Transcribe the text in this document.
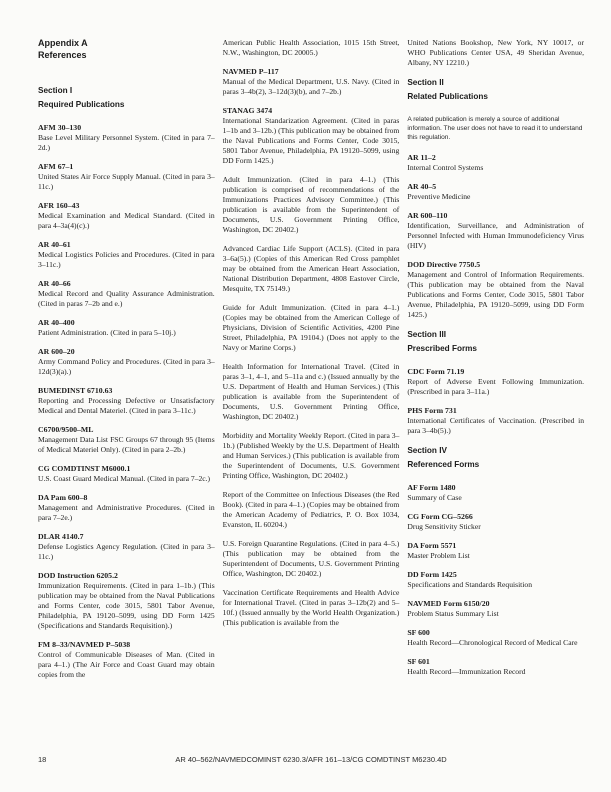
Appendix A
References
Section I
Required Publications
AFM 30–130
Base Level Military Personnel System. (Cited in para 7–2d.)
AFM 67–1
United States Air Force Supply Manual. (Cited in para 3–11c.)
AFR 160–43
Medical Examination and Medical Standard. (Cited in para 4–3a(4)(c).)
AR 40–61
Medical Logistics Policies and Procedures. (Cited in para 3–11c.)
AR 40–66
Medical Record and Quality Assurance Administration. (Cited in paras 7–2b and e.)
AR 40–400
Patient Administration. (Cited in para 5–10j.)
AR 600–20
Army Command Policy and Procedures. (Cited in para 3–12d(3)(a).)
BUMEDINST 6710.63
Reporting and Processing Defective or Unsatisfactory Medical and Dental Materiel. (Cited in para 3–11c.)
C6700/9500–ML
Management Data List FSC Groups 67 through 95 (Items of Medical Materiel Only). (Cited in para 2–2b.)
CG COMDTINST M6000.1
U.S. Coast Guard Medical Manual. (Cited in para 7–2c.)
DA Pam 600–8
Management and Administrative Procedures. (Cited in para 7–2e.)
DLAR 4140.7
Defense Logistics Agency Regulation. (Cited in para 3–11c.)
DOD Instruction 6205.2
Immunization Requirements. (Cited in para 1–1b.) (This publication may be obtained from the Naval Publications and Forms Center, code 3015, 5801 Tabor Avenue, Philadelphia, PA 19120–5099, using DD Form 1425 (Specifications and Standards Requisition).)
FM 8–33/NAVMED P–5038
Control of Communicable Diseases of Man. (Cited in para 4–1.) (The Air Force and Coast Guard may obtain copies from the
American Public Health Association, 1015 15th Street, N.W., Washington, DC 20005.)
NAVMED P–117
Manual of the Medical Department, U.S. Navy. (Cited in paras 3–4b(2), 3–12d(3)(b), and 7–2b.)
STANAG 3474
International Standarization Agreement. (Cited in paras 1–1b and 3–12b.) (This publication may be obtained from the Naval Publications and Forms Center, Code 3015, 5801 Tabor Avenue, Philadelphia, PA 19120–5099, using DD Form 1425.)
Adult Immunization. (Cited in para 4–1.) (This publication is comprised of recommendations of the Immunizations Practices Advisory Committee.) (This publication is available from the Superintendent of Documents, U.S. Government Printing Office, Washington, DC 20402.)
Advanced Cardiac Life Support (ACLS). (Cited in para 3–6a(5).) (Copies of this American Red Cross pamphlet may be obtained from the American Heart Association, National Distribution Department, 4808 Eastover Circle, Mesquite, TX 75149.)
Guide for Adult Immunization. (Cited in para 4–1.) (Copies may be obtained from the American College of Physicians, Division of Scientific Activities, 4200 Pine Street, Philadelphia, PA 19104.) (Does not apply to the Navy or Marine Corps.)
Health Information for International Travel. (Cited in paras 3–1, 4–1, and 5–11a and c.) (Issued annually by the U.S. Department of Health and Human Services.) (This publication is available from the Superintendent of Documents, U.S. Government Printing Office, Washington, DC 20402.)
Morbidity and Mortality Weekly Report. (Cited in para 3–1b.) (Published Weekly by the U.S. Department of Health and Human Services.) (This publication is available from the Superintendent of Documents, U.S. Government Printing Office, Washington, DC 20402.)
Report of the Committee on Infectious Diseases (the Red Book). (Cited in para 4–1.) (Copies may be obtained from the American Academy of Pediatrics, P. O. Box 1034, Evanston, IL 60204.)
U.S. Foreign Quarantine Regulations. (Cited in para 4–5.) (This publication may be obtained from the Superintendent of Documents, U.S. Government Printing Office, Washington, DC 20402.)
Vaccination Certificate Requirements and Health Advice for International Travel. (Cited in paras 3–12b(2) and 5–10f.) (Issued annually by the World Health Organization.) (This publication is available from the
United Nations Bookshop, New York, NY 10017, or WHO Publications Center USA, 49 Sheridan Avenue, Albany, NY 12210.)
Section II
Related Publications
A related publication is merely a source of additional information. The user does not have to read it to understand this regulation.
AR 11–2
Internal Control Systems
AR 40–5
Preventive Medicine
AR 600–110
Identification, Surveillance, and Administration of Personnel Infected with Human Immunodeficiency Virus (HIV)
DOD Directive 7750.5
Management and Control of Information Requirements. (This publication may be obtained from the Naval Publications and Forms Center, Code 3015, 5801 Tabor Avenue, Philadelphia, PA 19120–5099, using DD Form 1425.)
Section III
Prescribed Forms
CDC Form 71.19
Report of Adverse Event Following Immunization. (Prescribed in para 3–11a.)
PHS Form 731
International Certificates of Vaccination. (Prescribed in para 3–4b(5).)
Section IV
Referenced Forms
AF Form 1480
Summary of Case
CG Form CG–5266
Drug Sensitivity Sticker
DA Form 5571
Master Problem List
DD Form 1425
Specifications and Standards Requisition
NAVMED Form 6150/20
Problem Status Summary List
SF 600
Health Record—Chronological Record of Medical Care
SF 601
Health Record—Immunization Record
18	AR 40–562/NAVMEDCOMINST 6230.3/AFR 161–13/CG COMDTINST M6230.4D
